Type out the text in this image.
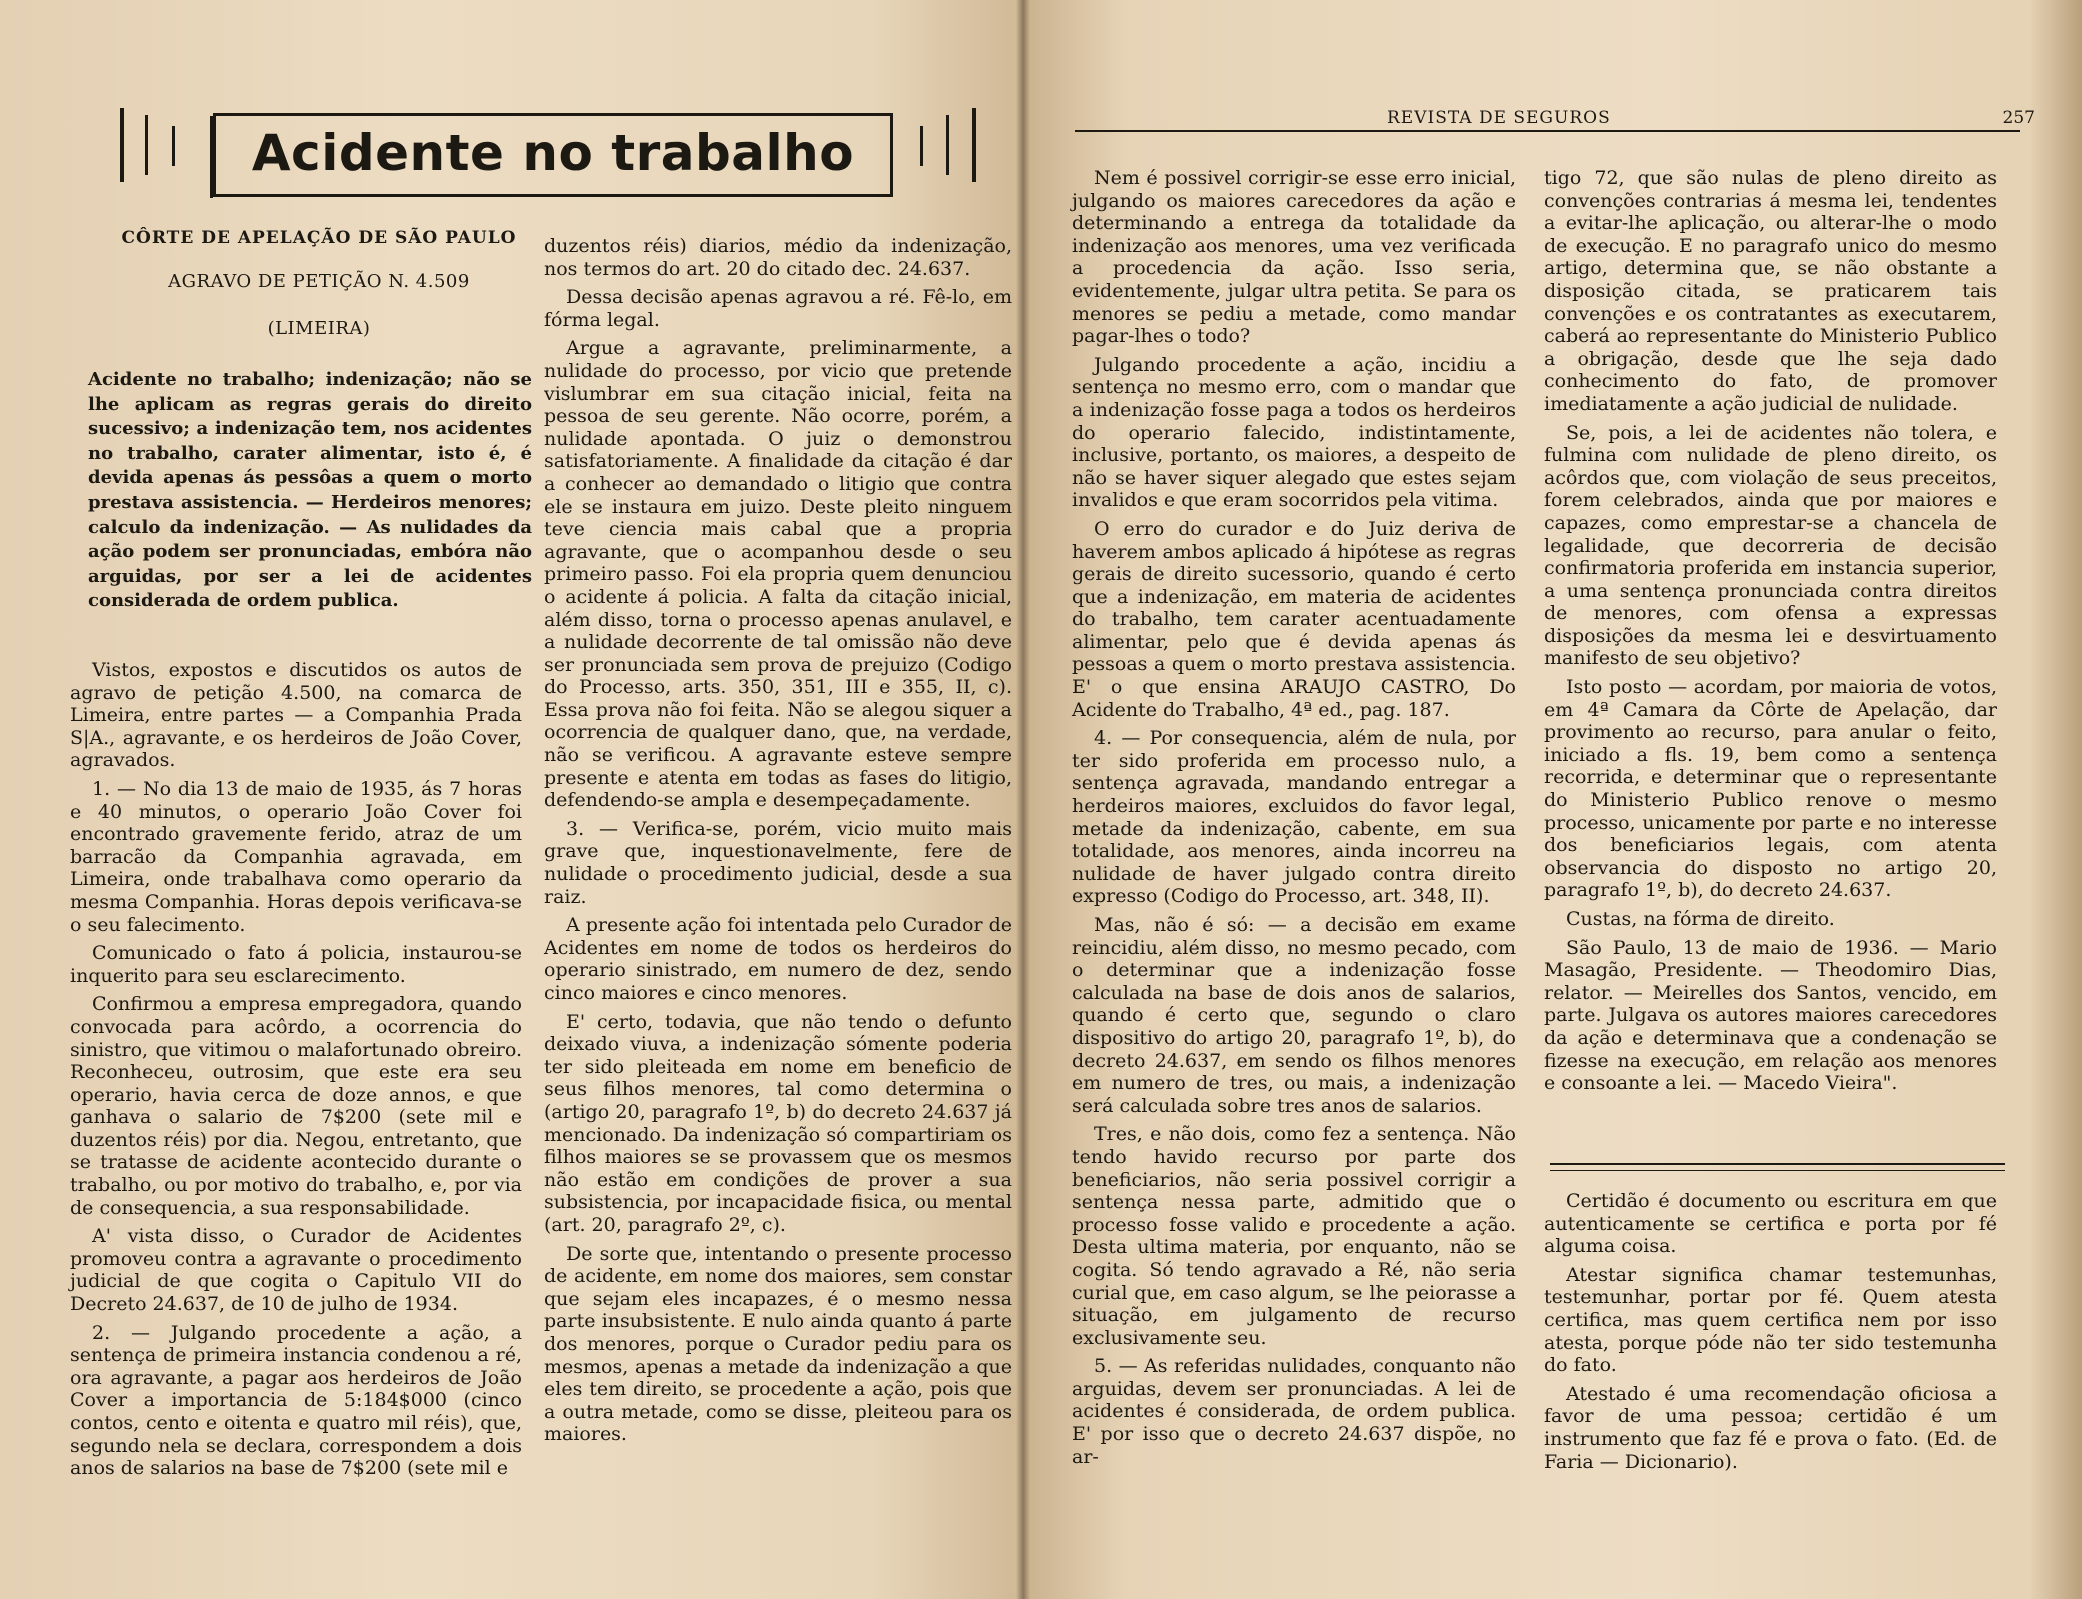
Acidente no trabalho
CÔRTE DE APELAÇÃO DE SÃO PAULO
AGRAVO DE PETIÇÃO N. 4.509
(LIMEIRA)

Acidente no trabalho; indenização; não se lhe aplicam as regras gerais do direito sucessivo; a indenização tem, nos acidentes no trabalho, carater alimentar, isto é, é devida apenas ás pessôas a quem o morto prestava assistencia. — Herdeiros menores; calculo da indenização. — As nulidades da ação podem ser pronunciadas, embóra não arguidas, por ser a lei de acidentes considerada de ordem publica.

Vistos, expostos e discutidos os autos de agravo de petição 4.500, na comarca de Limeira, entre partes — a Companhia Prada S|A., agravante, e os herdeiros de João Cover, agravados.

1. — No dia 13 de maio de 1935, ás 7 horas e 40 minutos, o operario João Cover foi encontrado gravemente ferido, atraz de um barracão da Companhia agravada, em Limeira, onde trabalhava como operario da mesma Companhia. Horas depois verificava-se o seu falecimento.

Comunicado o fato á policia, instaurou-se inquerito para seu esclarecimento.

Confirmou a empresa empregadora, quando convocada para acôrdo, a ocorrencia do sinistro, que vitimou o malafortunado obreiro. Reconheceu, outrosim, que este era seu operario, havia cerca de doze annos, e que ganhava o salario de 7$200 (sete mil e duzentos réis) por dia. Negou, entretanto, que se tratasse de acidente acontecido durante o trabalho, ou por motivo do trabalho, e, por via de consequencia, a sua responsabilidade.

A' vista disso, o Curador de Acidentes promoveu contra a agravante o procedimento judicial de que cogita o Capitulo VII do Decreto 24.637, de 10 de julho de 1934.

2. — Julgando procedente a ação, a sentença de primeira instancia condenou a ré, ora agravante, a pagar aos herdeiros de João Cover a importancia de 5:184$000 (cinco contos, cento e oitenta e quatro mil réis), que, segundo nela se declara, correspondem a dois anos de salarios na base de 7$200 (sete mil e

duzentos réis) diarios, médio da indenização, nos termos do art. 20 do citado dec. 24.637.

Dessa decisão apenas agravou a ré. Fê-lo, em fórma legal.

Argue a agravante, preliminarmente, a nulidade do processo, por vicio que pretende vislumbrar em sua citação inicial, feita na pessoa de seu gerente. Não ocorre, porém, a nulidade apontada. O juiz o demonstrou satisfatoriamente. A finalidade da citação é dar a conhecer ao demandado o litigio que contra ele se instaura em juizo. Deste pleito ninguem teve ciencia mais cabal que a propria agravante, que o acompanhou desde o seu primeiro passo. Foi ela propria quem denunciou o acidente á policia. A falta da citação inicial, além disso, torna o processo apenas anulavel, e a nulidade decorrente de tal omissão não deve ser pronunciada sem prova de prejuizo (Codigo do Processo, arts. 350, 351, III e 355, II, c). Essa prova não foi feita. Não se alegou siquer a ocorrencia de qualquer dano, que, na verdade, não se verificou. A agravante esteve sempre presente e atenta em todas as fases do litigio, defendendo-se ampla e desempeçadamente.

3. — Verifica-se, porém, vicio muito mais grave que, inquestionavelmente, fere de nulidade o procedimento judicial, desde a sua raiz.

A presente ação foi intentada pelo Curador de Acidentes em nome de todos os herdeiros do operario sinistrado, em numero de dez, sendo cinco maiores e cinco menores.

E' certo, todavia, que não tendo o defunto deixado viuva, a indenização sómente poderia ter sido pleiteada em nome em beneficio de seus filhos menores, tal como determina o (artigo 20, paragrafo 1º, b) do decreto 24.637 já mencionado. Da indenização só compartiriam os filhos maiores se se provassem que os mesmos não estão em condições de prover a sua subsistencia, por incapacidade fisica, ou mental (art. 20, paragrafo 2º, c).

De sorte que, intentando o presente processo de acidente, em nome dos maiores, sem constar que sejam eles incapazes, é o mesmo nessa parte insubsistente. E nulo ainda quanto á parte dos menores, porque o Curador pediu para os mesmos, apenas a metade da indenização a que eles tem direito, se procedente a ação, pois que a outra metade, como se disse, pleiteou para os maiores.

REVISTA DE SEGUROS	257

Nem é possivel corrigir-se esse erro inicial, julgando os maiores carecedores da ação e determinando a entrega da totalidade da indenização aos menores, uma vez verificada a procedencia da ação. Isso seria, evidentemente, julgar ultra petita. Se para os menores se pediu a metade, como mandar pagar-lhes o todo?

Julgando procedente a ação, incidiu a sentença no mesmo erro, com o mandar que a indenização fosse paga a todos os herdeiros do operario falecido, indistintamente, inclusive, portanto, os maiores, a despeito de não se haver siquer alegado que estes sejam invalidos e que eram socorridos pela vitima.

O erro do curador e do Juiz deriva de haverem ambos aplicado á hipótese as regras gerais de direito sucessorio, quando é certo que a indenização, em materia de acidentes do trabalho, tem carater acentuadamente alimentar, pelo que é devida apenas ás pessoas a quem o morto prestava assistencia. E' o que ensina ARAUJO CASTRO, Do Acidente do Trabalho, 4ª ed., pag. 187.

4. — Por consequencia, além de nula, por ter sido proferida em processo nulo, a sentença agravada, mandando entregar a herdeiros maiores, excluidos do favor legal, metade da indenização, cabente, em sua totalidade, aos menores, ainda incorreu na nulidade de haver julgado contra direito expresso (Codigo do Processo, art. 348, II).

Mas, não é só: — a decisão em exame reincidiu, além disso, no mesmo pecado, com o determinar que a indenização fosse calculada na base de dois anos de salarios, quando é certo que, segundo o claro dispositivo do artigo 20, paragrafo 1º, b), do decreto 24.637, em sendo os filhos menores em numero de tres, ou mais, a indenização será calculada sobre tres anos de salarios.

Tres, e não dois, como fez a sentença. Não tendo havido recurso por parte dos beneficiarios, não seria possivel corrigir a sentença nessa parte, admitido que o processo fosse valido e procedente a ação. Desta ultima materia, por enquanto, não se cogita. Só tendo agravado a Ré, não seria curial que, em caso algum, se lhe peiorasse a situação, em julgamento de recurso exclusivamente seu.

5. — As referidas nulidades, conquanto não arguidas, devem ser pronunciadas. A lei de acidentes é considerada, de ordem publica. E' por isso que o decreto 24.637 dispõe, no ar-

tigo 72, que são nulas de pleno direito as convenções contrarias á mesma lei, tendentes a evitar-lhe aplicação, ou alterar-lhe o modo de execução. E no paragrafo unico do mesmo artigo, determina que, se não obstante a disposição citada, se praticarem tais convenções e os contratantes as executarem, caberá ao representante do Ministerio Publico a obrigação, desde que lhe seja dado conhecimento do fato, de promover imediatamente a ação judicial de nulidade.

Se, pois, a lei de acidentes não tolera, e fulmina com nulidade de pleno direito, os acôrdos que, com violação de seus preceitos, forem celebrados, ainda que por maiores e capazes, como emprestar-se a chancela de legalidade, que decorreria de decisão confirmatoria proferida em instancia superior, a uma sentença pronunciada contra direitos de menores, com ofensa a expressas disposições da mesma lei e desvirtuamento manifesto de seu objetivo?

Isto posto — acordam, por maioria de votos, em 4ª Camara da Côrte de Apelação, dar provimento ao recurso, para anular o feito, iniciado a fls. 19, bem como a sentença recorrida, e determinar que o representante do Ministerio Publico renove o mesmo processo, unicamente por parte e no interesse dos beneficiarios legais, com atenta observancia do disposto no artigo 20, paragrafo 1º, b), do decreto 24.637.

Custas, na fórma de direito.

São Paulo, 13 de maio de 1936. — Mario Masagão, Presidente. — Theodomiro Dias, relator. — Meirelles dos Santos, vencido, em parte. Julgava os autores maiores carecedores da ação e determinava que a condenação se fizesse na execução, em relação aos menores e consoante a lei. — Macedo Vieira".

Certidão é documento ou escritura em que autenticamente se certifica e porta por fé alguma coisa.

Atestar significa chamar testemunhas, testemunhar, portar por fé. Quem atesta certifica, mas quem certifica nem por isso atesta, porque póde não ter sido testemunha do fato.

Atestado é uma recomendação oficiosa a favor de uma pessoa; certidão é um instrumento que faz fé e prova o fato. (Ed. de Faria — Dicionario).
